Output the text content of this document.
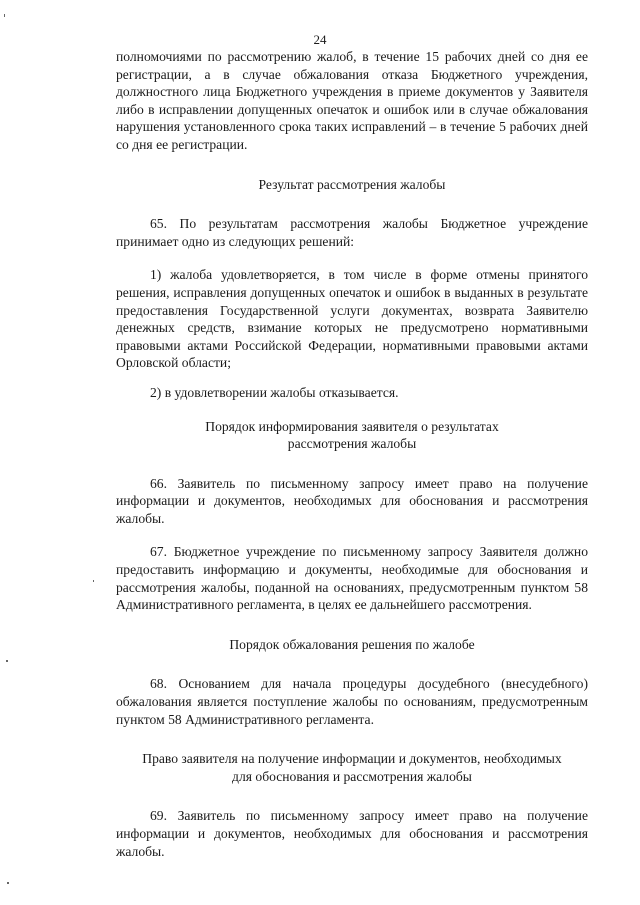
24

полномочиями по рассмотрению жалоб, в течение 15 рабочих дней со дня ее регистрации, а в случае обжалования отказа Бюджетного учреждения, должностного лица Бюджетного учреждения в приеме документов у Заявителя либо в исправлении допущенных опечаток и ошибок или в случае обжалования нарушения установленного срока таких исправлений – в течение 5 рабочих дней со дня ее регистрации.

Результат рассмотрения жалобы

65. По результатам рассмотрения жалобы Бюджетное учреждение принимает одно из следующих решений:

1) жалоба удовлетворяется, в том числе в форме отмены принятого решения, исправления допущенных опечаток и ошибок в выданных в результате предоставления Государственной услуги документах, возврата Заявителю денежных средств, взимание которых не предусмотрено нормативными правовыми актами Российской Федерации, нормативными правовыми актами Орловской области;

2) в удовлетворении жалобы отказывается.

Порядок информирования заявителя о результатах

рассмотрения жалобы

66. Заявитель по письменному запросу имеет право на получение информации и документов, необходимых для обоснования и рассмотрения жалобы.

67. Бюджетное учреждение по письменному запросу Заявителя должно предоставить информацию и документы, необходимые для обоснования и рассмотрения жалобы, поданной на основаниях, предусмотренным пунктом 58 Административного регламента, в целях ее дальнейшего рассмотрения.

Порядок обжалования решения по жалобе

68. Основанием для начала процедуры досудебного (внесудебного) обжалования является поступление жалобы по основаниям, предусмотренным пунктом 58 Административного регламента.

Право заявителя на получение информации и документов, необходимых

для обоснования и рассмотрения жалобы

69. Заявитель по письменному запросу имеет право на получение информации и документов, необходимых для обоснования и рассмотрения жалобы.
